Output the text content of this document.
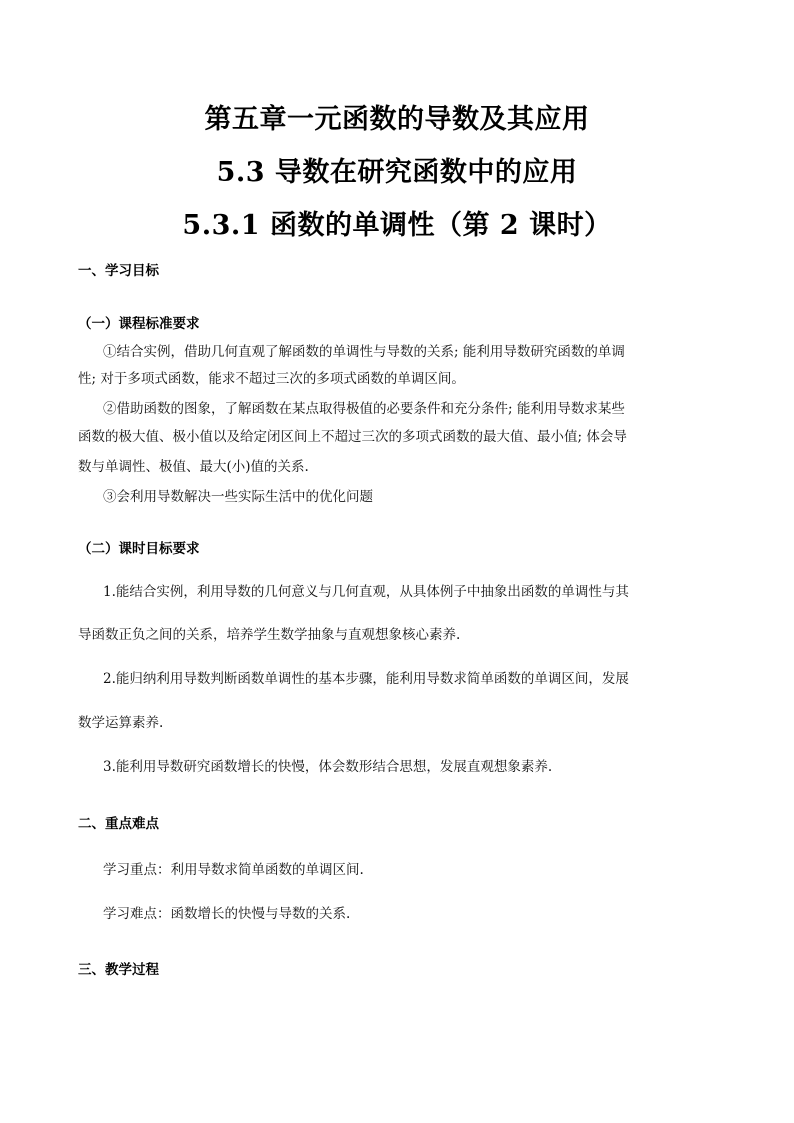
第五章一元函数的导数及其应用
5.3 导数在研究函数中的应用
5.3.1 函数的单调性（第 2 课时）
一、学习目标
（一）课程标准要求
①结合实例，借助几何直观了解函数的单调性与导数的关系; 能利用导数研究函数的单调
性; 对于多项式函数，能求不超过三次的多项式函数的单调区间。
②借助函数的图象，了解函数在某点取得极值的必要条件和充分条件; 能利用导数求某些
函数的极大值、极小值以及给定闭区间上不超过三次的多项式函数的最大值、最小值; 体会导
数与单调性、极值、最大(小)值的关系.
③会利用导数解决一些实际生活中的优化问题
（二）课时目标要求
1.能结合实例，利用导数的几何意义与几何直观，从具体例子中抽象出函数的单调性与其
导函数正负之间的关系，培养学生数学抽象与直观想象核心素养.
2.能归纳利用导数判断函数单调性的基本步骤，能利用导数求简单函数的单调区间，发展
数学运算素养.
3.能利用导数研究函数增长的快慢，体会数形结合思想，发展直观想象素养.
二、重点难点
学习重点：利用导数求简单函数的单调区间.
学习难点：函数增长的快慢与导数的关系.
三、教学过程
